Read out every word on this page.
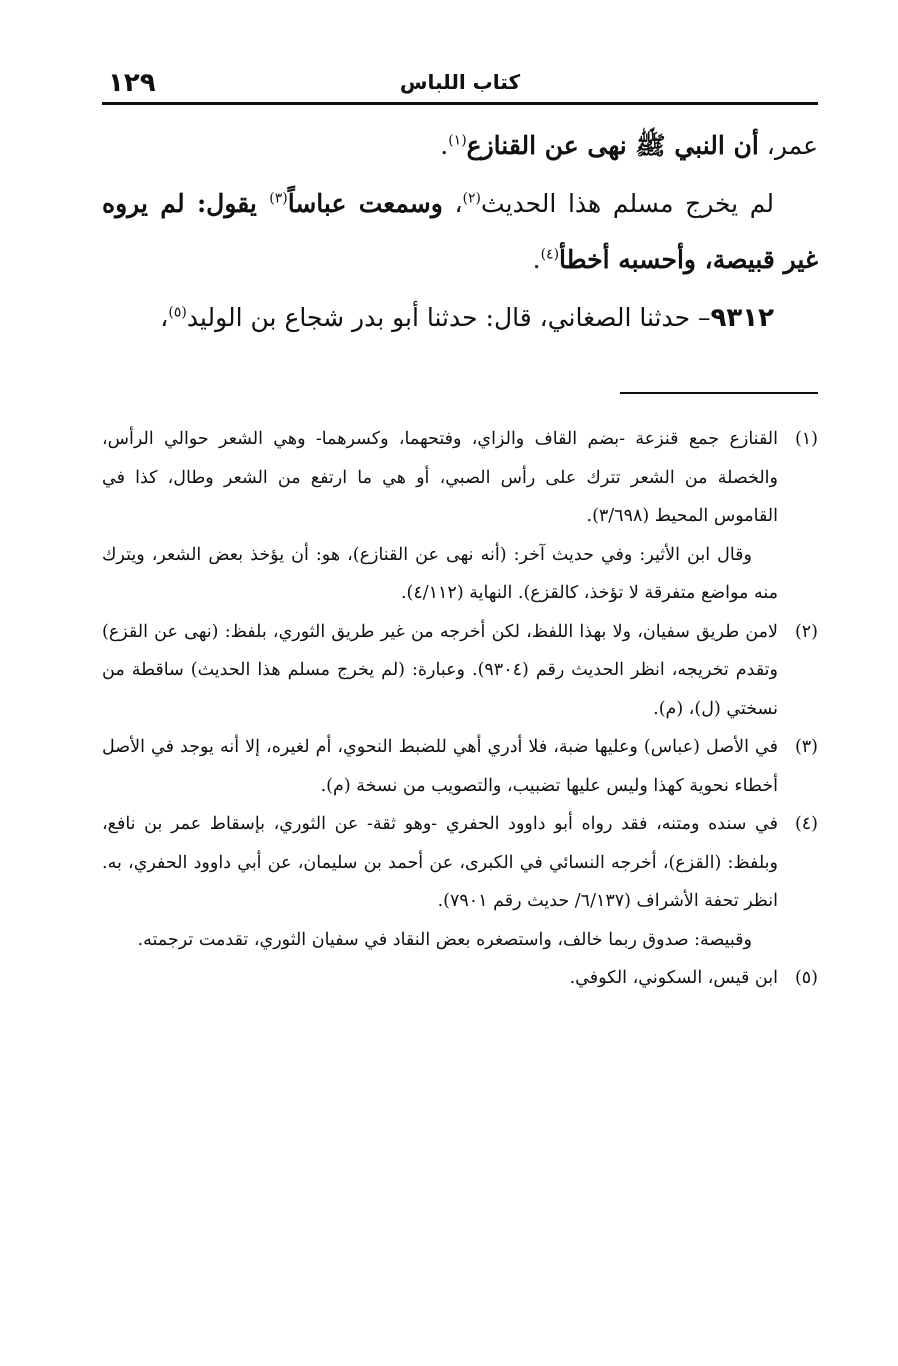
١٢٩	كتاب اللباس

عمر، أن النبي ﷺ نهى عن القنازع$^{(١)}$.

لم يخرج مسلم هذا الحديث$^{(٢)}$، وسمعت عباساً$^{(٣)}$ يقول: لم يروه غير قبيصة، وأحسبه أخطأ$^{(٤)}$.

٩٣١٢– حدثنا الصغاني، قال: حدثنا أبو بدر شجاع بن الوليد$^{(٥)}$،

(١)القنازع جمع قنزعة -بضم القاف والزاي، وفتحهما، وكسرهما- وهي الشعر حوالي الرأس، والخصلة من الشعر تترك على رأس الصبي، أو هي ما ارتفع من الشعر وطال، كذا في القاموس المحيط (٣/٦٩٨).

وقال ابن الأثير: وفي حديث آخر: (أنه نهى عن القنازع)، هو: أن يؤخذ بعض الشعر، ويترك منه مواضع متفرقة لا تؤخذ، كالقزع). النهاية (٤/١١٢).

(٢)لامن طريق سفيان، ولا بهذا اللفظ، لكن أخرجه من غير طريق الثوري، بلفظ: (نهى عن القزع) وتقدم تخريجه، انظر الحديث رقم (٩٣٠٤). وعبارة: (لم يخرج مسلم هذا الحديث) ساقطة من نسختي (ل)، (م).

(٣)في الأصل (عباس) وعليها ضبة، فلا أدري أهي للضبط النحوي، أم لغيره، إلا أنه يوجد في الأصل أخطاء نحوية كهذا وليس عليها تضبيب، والتصويب من نسخة (م).

(٤)في سنده ومتنه، فقد رواه أبو داوود الحفري -وهو ثقة- عن الثوري، بإسقاط عمر بن نافع، وبلفظ: (القزع)، أخرجه النسائي في الكبرى، عن أحمد بن سليمان، عن أبي داوود الحفري، به. انظر تحفة الأشراف (٦/١٣٧/ حديث رقم ٧٩٠١).

وقبيصة: صدوق ربما خالف، واستصغره بعض النقاد في سفيان الثوري، تقدمت ترجمته.

(٥)ابن قيس، السكوني، الكوفي.
